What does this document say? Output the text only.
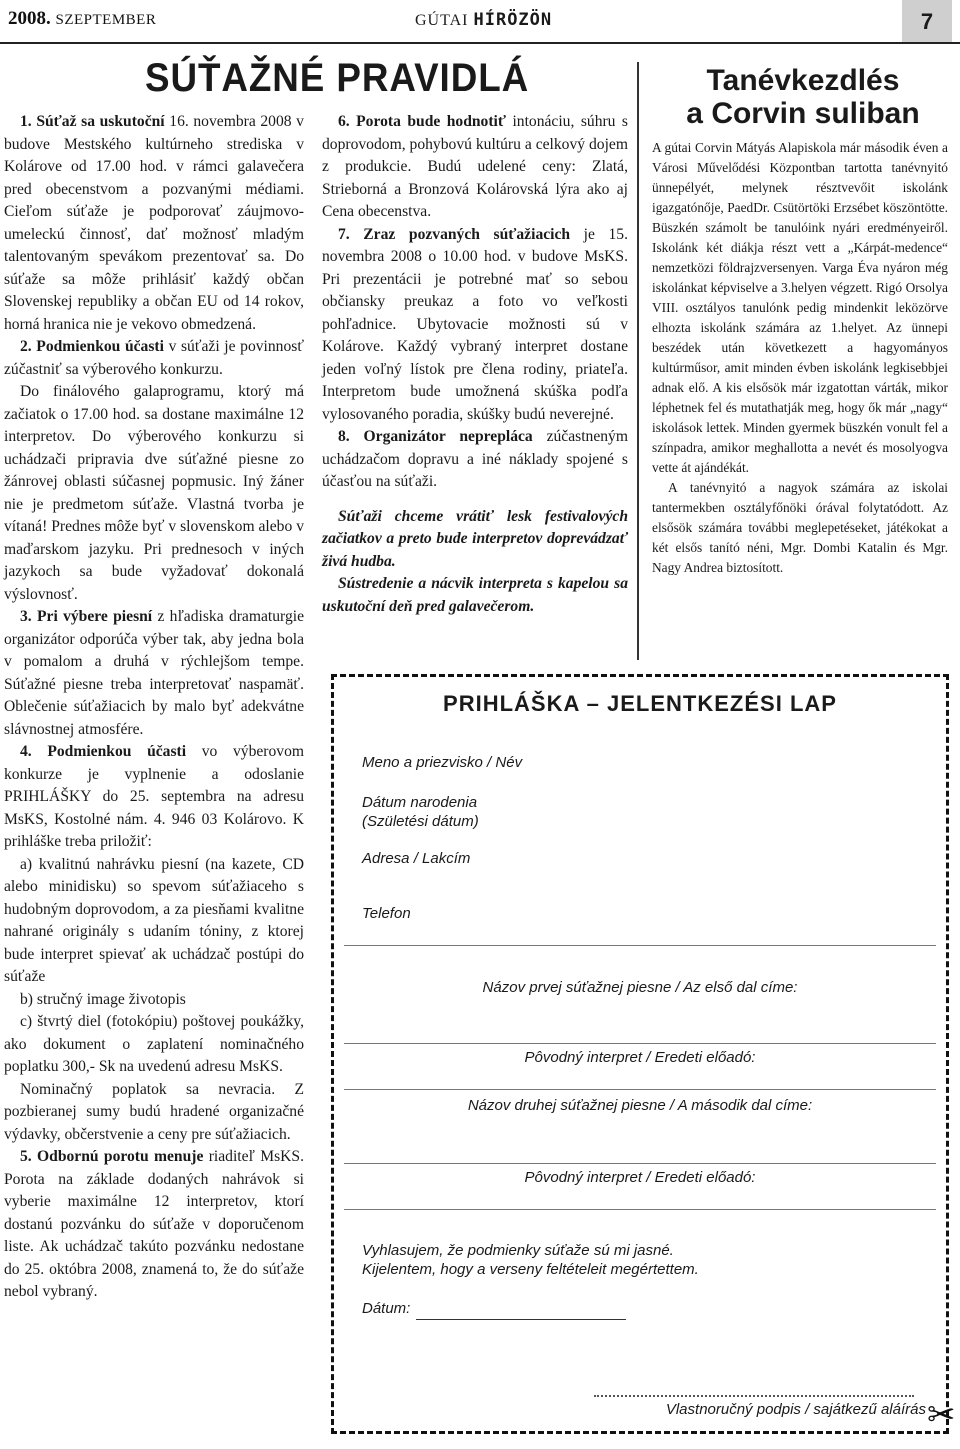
2008. SZEPTEMBER	GÚTAI HÍRÖZÖN	7
SÚŤAŽNÉ PRAVIDLÁ

1. Súťaž sa uskutoční 16. novembra 2008 v budove Mestského kultúrneho strediska v Kolárove od 17.00 hod. v rámci galavečera pred obecenstvom a pozvanými médiami. Cieľom súťaže je podporovať záujmovo-umeleckú činnosť, dať možnosť mladým talentovaným spevákom prezentovať sa. Do súťaže sa môže prihlásiť každý občan Slovenskej republiky a občan EU od 14 rokov, horná hranica nie je vekovo obmedzená.

2. Podmienkou účasti v súťaži je povinnosť zúčastniť sa výberového konkurzu.

Do finálového galaprogramu, ktorý má začiatok o 17.00 hod. sa dostane maximálne 12 interpretov. Do výberového konkurzu si uchádzači pripravia dve súťažné piesne zo žánrovej oblasti súčasnej popmusic. Iný žáner nie je predmetom súťaže. Vlastná tvorba je vítaná! Prednes môže byť v slovenskom alebo v maďarskom jazyku. Pri prednesoch v iných jazykoch sa bude vyžadovať dokonalá výslovnosť.

3. Pri výbere piesní z hľadiska dramaturgie organizátor odporúča výber tak, aby jedna bola v pomalom a druhá v rýchlejšom tempe. Súťažné piesne treba interpretovať naspamäť. Oblečenie súťažiacich by malo byť adekvátne slávnostnej atmosfére.

4. Podmienkou účasti vo výberovom konkurze je vyplnenie a odoslanie PRIHLÁŠKY do 25. septembra na adresu MsKS, Kostolné nám. 4. 946 03 Kolárovo. K prihláške treba priložiť:

a) kvalitnú nahrávku piesní (na kazete, CD alebo minidisku) so spevom súťažiaceho s hudobným doprovodom, a za piesňami kvalitne nahrané originály s udaním tóniny, z ktorej bude interpret spievať ak uchádzač postúpi do súťaže

b) stručný image životopis

c) štvrtý diel (fotokópiu) poštovej poukážky, ako dokument o zaplatení nominačného poplatku 300,- Sk na uvedenú adresu MsKS.

Nominačný poplatok sa nevracia. Z pozbieranej sumy budú hradené organizačné výdavky, občerstvenie a ceny pre súťažiacich.

5. Odbornú porotu menuje riaditeľ MsKS. Porota na základe dodaných nahrávok si vyberie maximálne 12 interpretov, ktorí dostanú pozvánku do súťaže v doporučenom liste. Ak uchádzač takúto pozvánku nedostane do 25. októbra 2008, znamená to, že do súťaže nebol vybraný.

6. Porota bude hodnotiť intonáciu, súhru s doprovodom, pohybovú kultúru a celkový dojem z produkcie. Budú udelené ceny: Zlatá, Strieborná a Bronzová Kolárovská lýra ako aj Cena obecenstva.

7. Zraz pozvaných súťažiacich je 15. novembra 2008 o 10.00 hod. v budove MsKS. Pri prezentácii je potrebné mať so sebou občiansky preukaz a foto vo veľkosti pohľadnice. Ubytovacie možnosti sú v Kolárove. Každý vybraný interpret dostane jeden voľný lístok pre člena rodiny, priateľa. Interpretom bude umožnená skúška podľa vylosovaného poradia, skúšky budú neverejné.

8. Organizátor neprepláca zúčastneným uchádzačom dopravu a iné náklady spojené s účasťou na súťaži.

Súťaži chceme vrátiť lesk festivalových začiatkov a preto bude interpretov doprevádzať živá hudba.

Sústredenie a nácvik interpreta s kapelou sa uskutoční deň pred galavečerom.

Tanévkezdlés
a Corvin suliban

A gútai Corvin Mátyás Alapiskola már második éven a Városi Művelődési Központban tartotta tanévnyitó ünnepélyét, melynek résztvevőit iskolánk igazgatónője, PaedDr. Csütörtöki Erzsébet köszöntötte. Büszkén számolt be tanulóink nyári eredményeiről. Iskolánk két diákja részt vett a „Kárpát-medence“ nemzetközi földrajzversenyen. Varga Éva nyáron még iskolánkat képviselve a 3.helyen végzett. Rigó Orsolya VIII. osztályos tanulónk pedig mindenkit leközörve elhozta iskolánk számára az 1.helyet. Az ünnepi beszédek után következett a hagyományos kultúrműsor, amit minden évben iskolánk legkisebbjei adnak elő. A kis elsősök már izgatottan várták, mikor léphetnek fel és mutathatják meg, hogy ők már „nagy“ iskolások lettek. Minden gyermek büszkén vonult fel a színpadra, amikor meghallotta a nevét és mosolyogva vette át ajándékát.

A tanévnyitó a nagyok számára az iskolai tantermekben osztályfőnöki órával folytatódott. Az elsősök számára további meglepetéseket, játékokat a két elsős tanító néni, Mgr. Dombi Katalin és Mgr. Nagy Andrea biztosított.

PRIHLÁŠKA – JELENTKEZÉSI LAP
Meno a priezvisko / Név
Dátum narodenia
(Születési dátum)
Adresa / Lakcím
Telefon
Názov prvej súťažnej piesne / Az első dal címe:
Pôvodný interpret / Eredeti előadó:
Názov druhej súťažnej piesne / A második dal címe:
Pôvodný interpret / Eredeti előadó:
Vyhlasujem, že podmienky súťaže sú mi jasné.
Kijelentem, hogy a verseny feltételeit megértettem.
Dátum:
Vlastnoručný podpis / sajátkezű aláírás ✂
